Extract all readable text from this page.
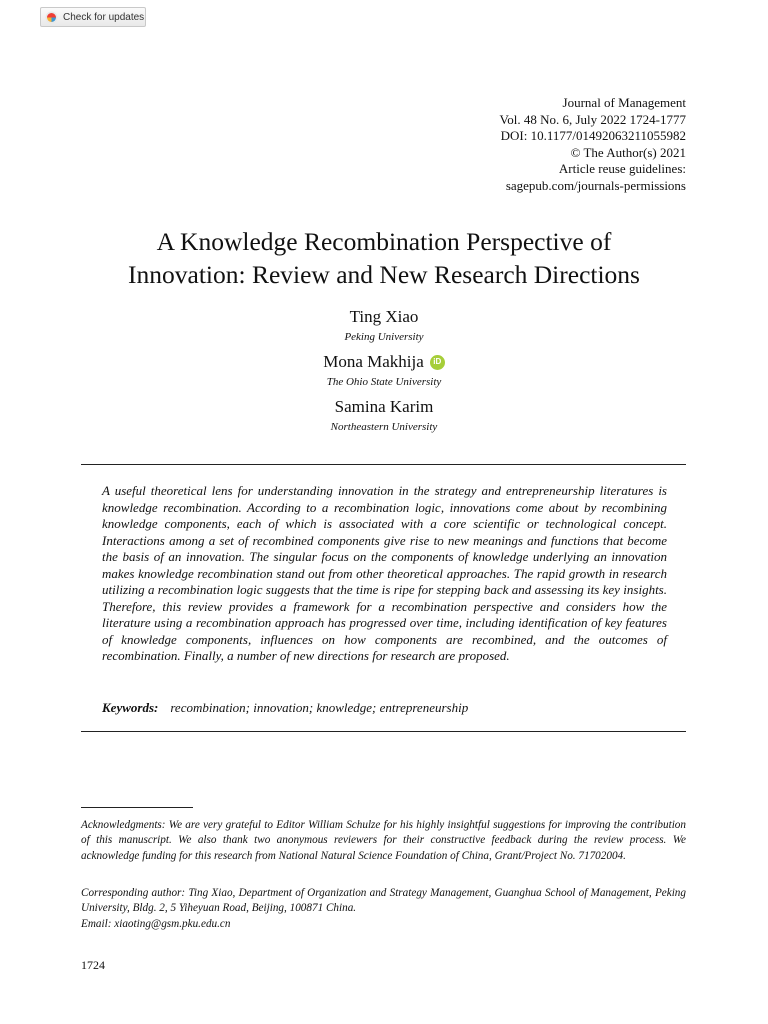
Check for updates
Journal of Management
Vol. 48 No. 6, July 2022 1724-1777
DOI: 10.1177/01492063211055982
© The Author(s) 2021
Article reuse guidelines:
sagepub.com/journals-permissions
A Knowledge Recombination Perspective of
Innovation: Review and New Research Directions
Ting Xiao
Peking University
Mona Makhija	iD
The Ohio State University
Samina Karim
Northeastern University
A useful theoretical lens for understanding innovation in the strategy and entrepreneurship literatures is knowledge recombination. According to a recombination logic, innovations come about by recombining knowledge components, each of which is associated with a core scientific or technological concept. Interactions among a set of recombined components give rise to new meanings and functions that become the basis of an innovation. The singular focus on the components of knowledge underlying an innovation makes knowledge recombination stand out from other theoretical approaches. The rapid growth in research utilizing a recombination logic suggests that the time is ripe for stepping back and assessing its key insights. Therefore, this review provides a framework for a recombination perspective and considers how the literature using a recombination approach has progressed over time, including identification of key features of knowledge components, influences on how components are recombined, and the outcomes of recombination. Finally, a number of new directions for research are proposed.
Keywords: recombination; innovation; knowledge; entrepreneurship
Acknowledgments: We are very grateful to Editor William Schulze for his highly insightful suggestions for improving the contribution of this manuscript. We also thank two anonymous reviewers for their constructive feedback during the review process. We acknowledge funding for this research from National Natural Science Foundation of China, Grant/Project No. 71702004.
Corresponding author: Ting Xiao, Department of Organization and Strategy Management, Guanghua School of Management, Peking University, Bldg. 2, 5 Yiheyuan Road, Beijing, 100871 China.
Email: xiaoting@gsm.pku.edu.cn
1724
